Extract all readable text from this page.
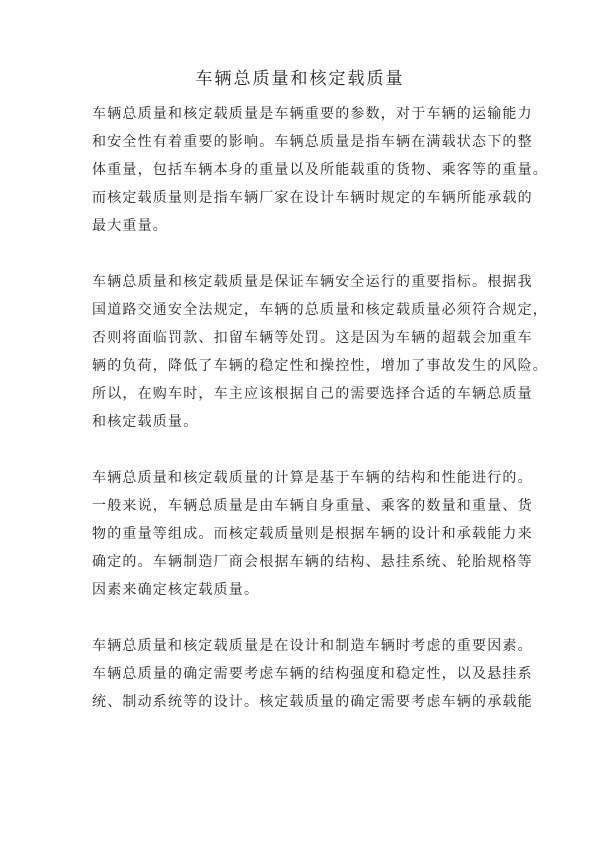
车辆总质量和核定载质量

车辆总质量和核定载质量是车辆重要的参数，对于车辆的运输能力
和安全性有着重要的影响。车辆总质量是指车辆在满载状态下的整
体重量，包括车辆本身的重量以及所能载重的货物、乘客等的重量。
而核定载质量则是指车辆厂家在设计车辆时规定的车辆所能承载的
最大重量。

车辆总质量和核定载质量是保证车辆安全运行的重要指标。根据我
国道路交通安全法规定，车辆的总质量和核定载质量必须符合规定，
否则将面临罚款、扣留车辆等处罚。这是因为车辆的超载会加重车
辆的负荷，降低了车辆的稳定性和操控性，增加了事故发生的风险。
所以，在购车时，车主应该根据自己的需要选择合适的车辆总质量
和核定载质量。

车辆总质量和核定载质量的计算是基于车辆的结构和性能进行的。
一般来说，车辆总质量是由车辆自身重量、乘客的数量和重量、货
物的重量等组成。而核定载质量则是根据车辆的设计和承载能力来
确定的。车辆制造厂商会根据车辆的结构、悬挂系统、轮胎规格等
因素来确定核定载质量。

车辆总质量和核定载质量是在设计和制造车辆时考虑的重要因素。
车辆总质量的确定需要考虑车辆的结构强度和稳定性，以及悬挂系
统、制动系统等的设计。核定载质量的确定需要考虑车辆的承载能
